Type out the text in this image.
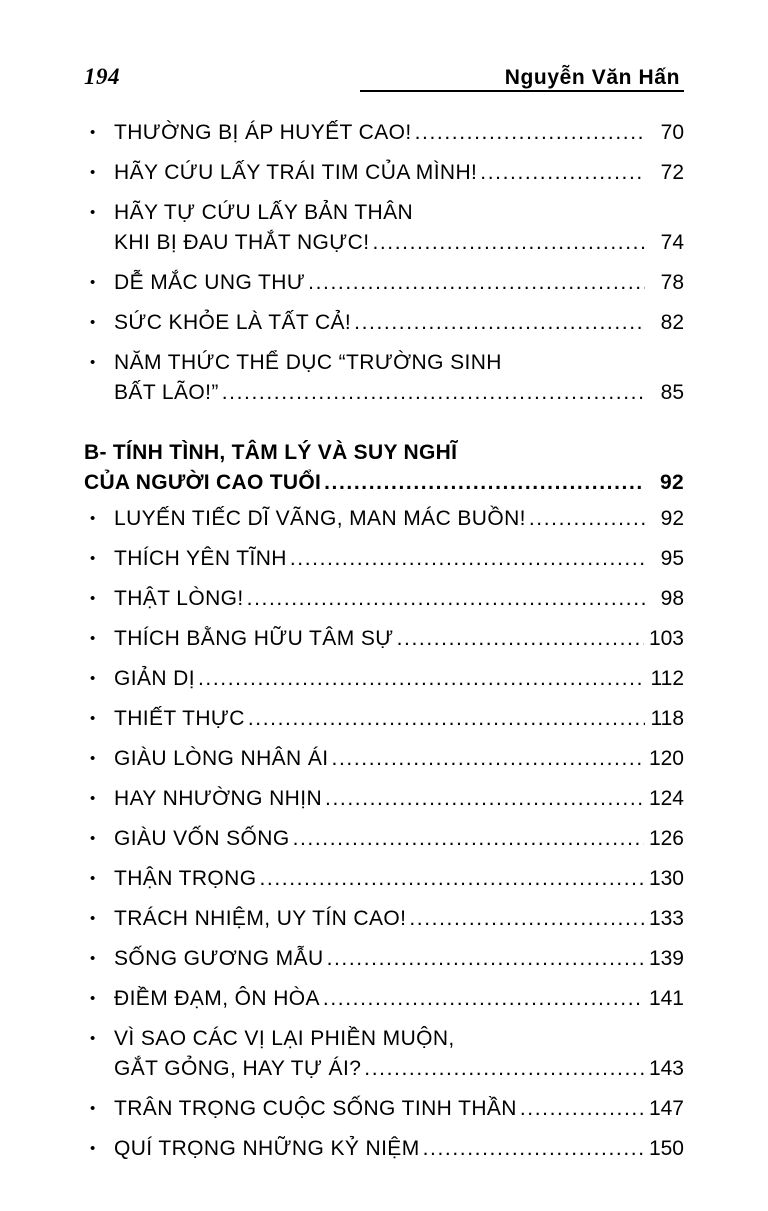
194	Nguyễn Văn Hấn
• THƯỜNG BỊ ÁP HUYẾT CAO! .....	70
• HÃY CỨU LẤY TRÁI TIM CỦA MÌNH! .....	72
• HÃY TỰ CỨU LẤY BẢN THÂN
KHI BỊ ĐAU THẮT NGỰC! .....	74
• DỄ MẮC UNG THƯ .....	78
• SỨC KHỎE LÀ TẤT CẢ! .....	82
• NĂM THỨC THỂ DỤC “TRƯỜNG SINH
BẤT LÃO!” .....	85
B- TÍNH TÌNH, TÂM LÝ VÀ SUY NGHĨ
CỦA NGƯỜI CAO TUỔI .....	92
• LUYẾN TIẾC DĨ VÃNG, MAN MÁC BUỒN! .....	92
• THÍCH YÊN TĨNH .....	95
• THẬT LÒNG! .....	98
• THÍCH BẰNG HỮU TÂM SỰ .....	103
• GIẢN DỊ .....	112
• THIẾT THỰC .....	118
• GIÀU LÒNG NHÂN ÁI .....	120
• HAY NHƯỜNG NHỊN .....	124
• GIÀU VỐN SỐNG .....	126
• THẬN TRỌNG .....	130
• TRÁCH NHIỆM, UY TÍN CAO! .....	133
• SỐNG GƯƠNG MẪU .....	139
• ĐIỀM ĐẠM, ÔN HÒA .....	141
• VÌ SAO CÁC VỊ LẠI PHIỀN MUỘN,
GẮT GỎNG, HAY TỰ ÁI? .....	143
• TRÂN TRỌNG CUỘC SỐNG TINH THẦN .....	147
• QUÍ TRỌNG NHỮNG KỶ NIỆM .....	150
